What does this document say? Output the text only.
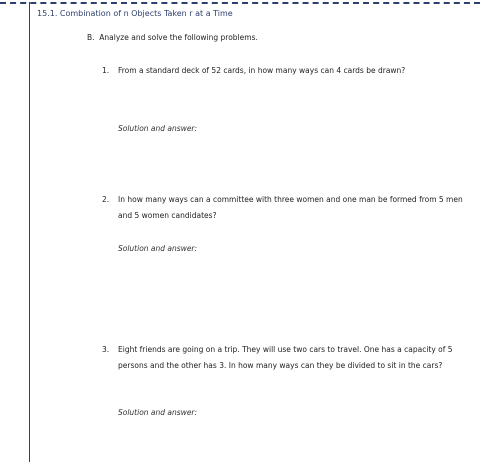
15.1. Combination of n Objects Taken r at a Time
B.  Analyze and solve the following problems.
1. From a standard deck of 52 cards, in how many ways can 4 cards be drawn?
Solution and answer:
2. In how many ways can a committee with three women and one man be formed from 5 men and 5 women candidates?
Solution and answer:
3. Eight friends are going on a trip. They will use two cars to travel. One has a capacity of 5 persons and the other has 3. In how many ways can they be divided to sit in the cars?
Solution and answer:
